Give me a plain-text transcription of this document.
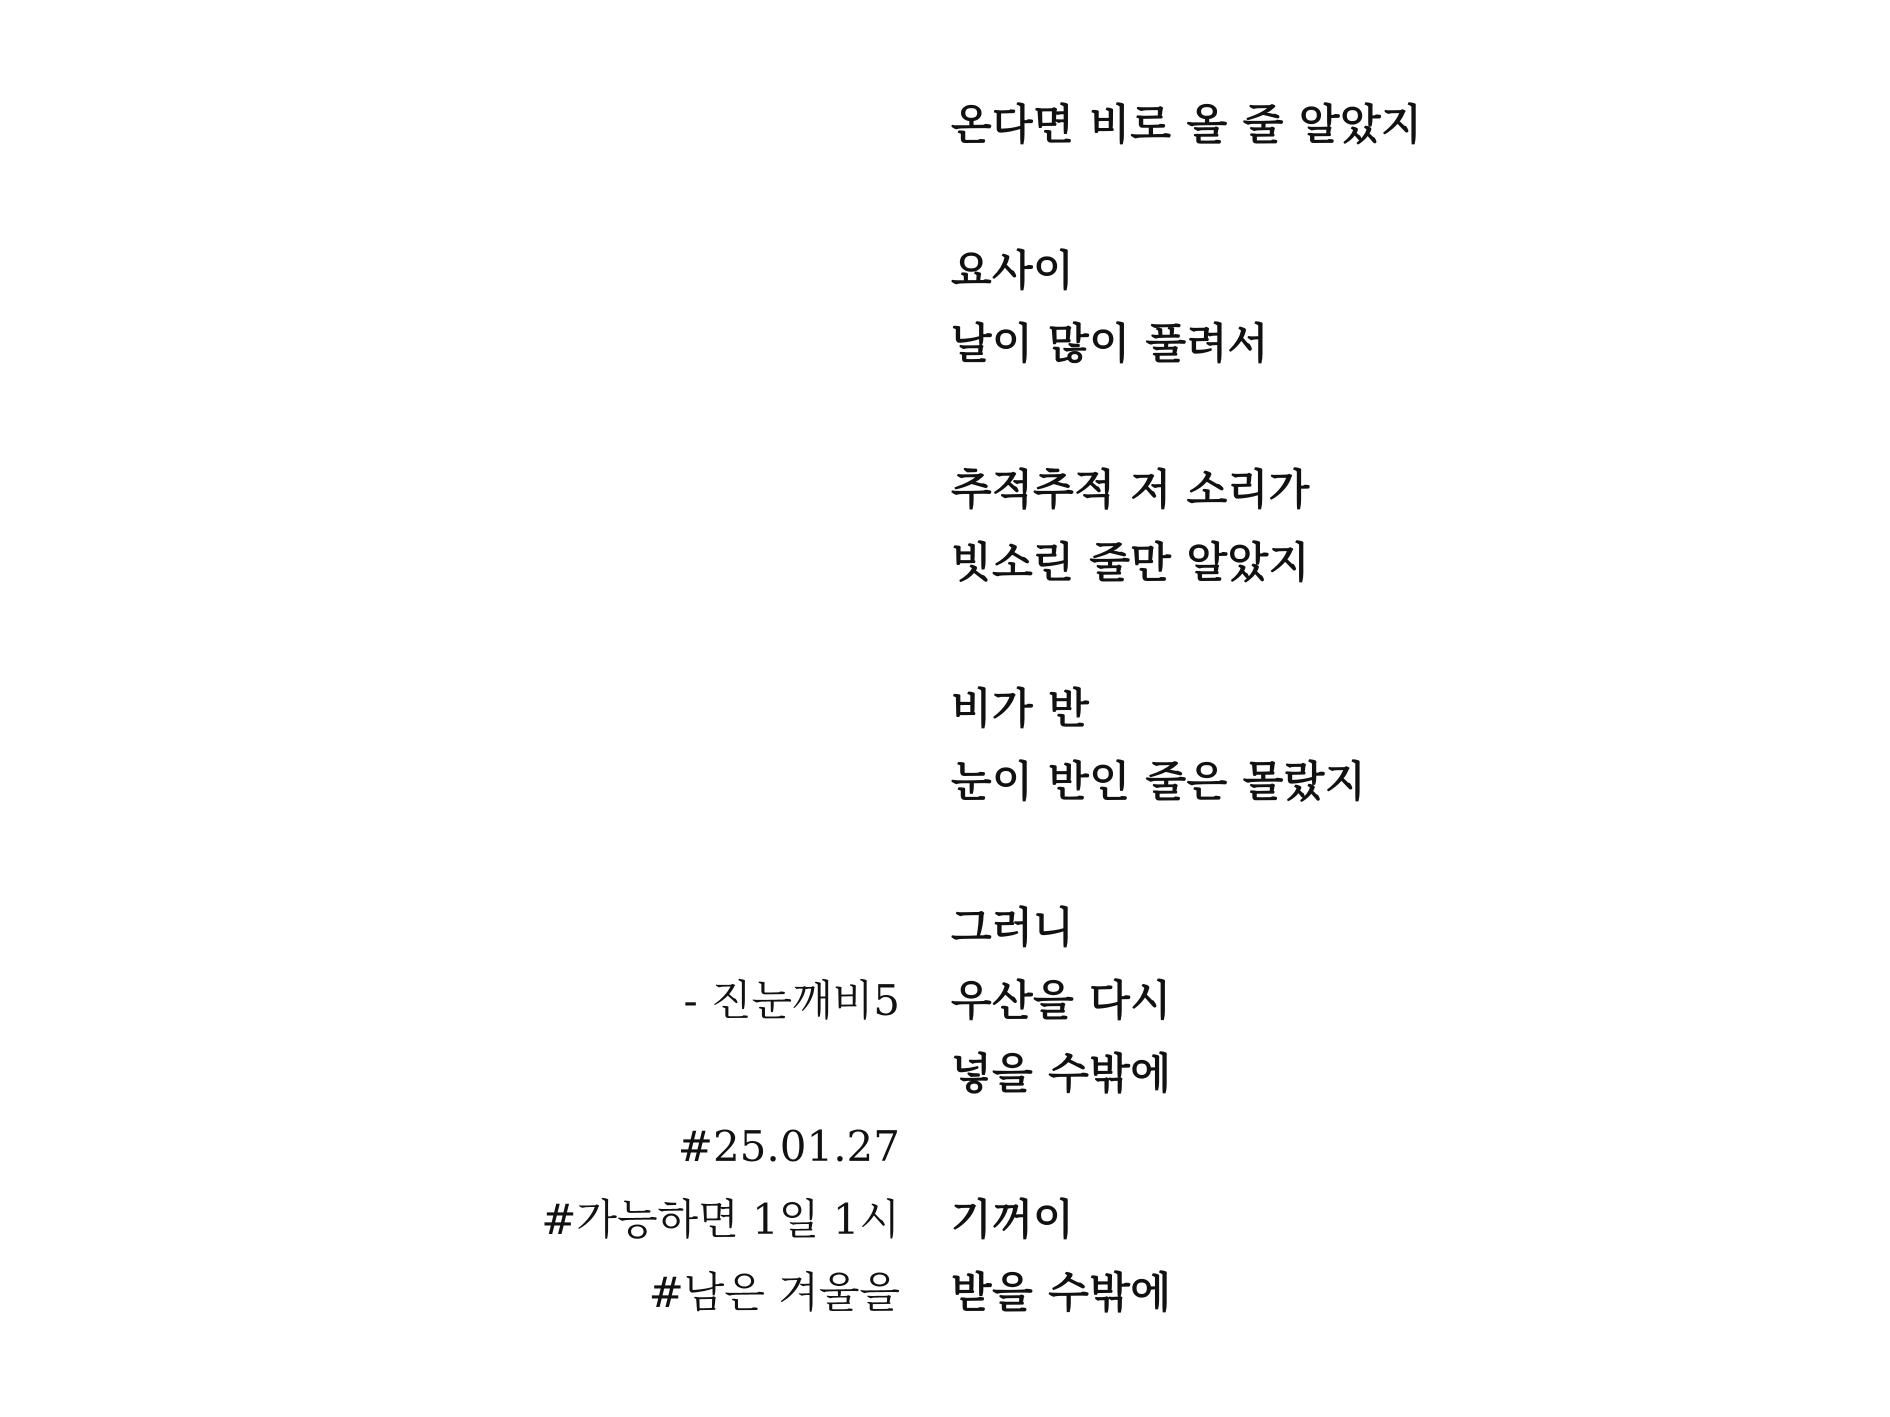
온다면 비로 올 줄 알았지
요사이
날이 많이 풀려서
추적추적 저 소리가
빗소린 줄만 알았지
비가 반
눈이 반인 줄은 몰랐지
그러니
우산을 다시
넣을 수밖에
기꺼이
받을 수밖에
- 진눈깨비5
#25.01.27
#가능하면 1일 1시
#남은 겨울을
